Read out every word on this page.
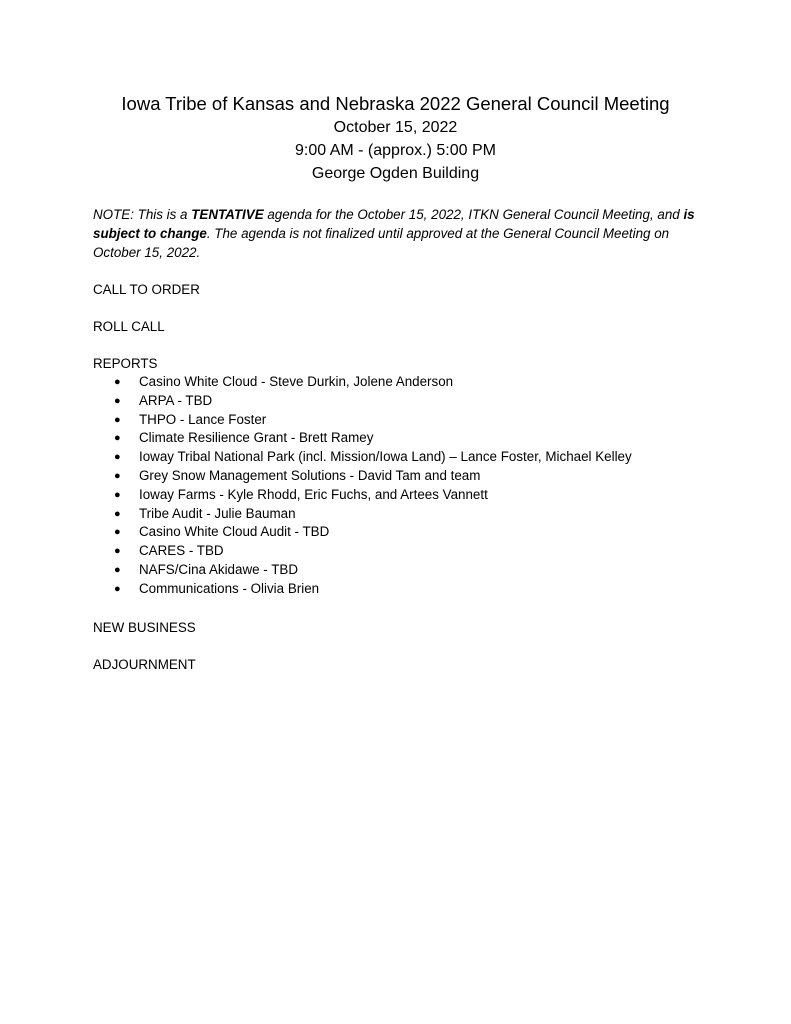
Iowa Tribe of Kansas and Nebraska 2022 General Council Meeting
October 15, 2022
9:00 AM - (approx.) 5:00 PM
George Ogden Building
NOTE: This is a TENTATIVE agenda for the October 15, 2022, ITKN General Council Meeting, and is subject to change. The agenda is not finalized until approved at the General Council Meeting on October 15, 2022.
CALL TO ORDER
ROLL CALL
REPORTS
● Casino White Cloud - Steve Durkin, Jolene Anderson
● ARPA - TBD
● THPO - Lance Foster
● Climate Resilience Grant - Brett Ramey
● Ioway Tribal National Park (incl. Mission/Iowa Land) – Lance Foster, Michael Kelley
● Grey Snow Management Solutions - David Tam and team
● Ioway Farms - Kyle Rhodd, Eric Fuchs, and Artees Vannett
● Tribe Audit - Julie Bauman
● Casino White Cloud Audit - TBD
● CARES - TBD
● NAFS/Cina Akidawe - TBD
● Communications - Olivia Brien
NEW BUSINESS
ADJOURNMENT
